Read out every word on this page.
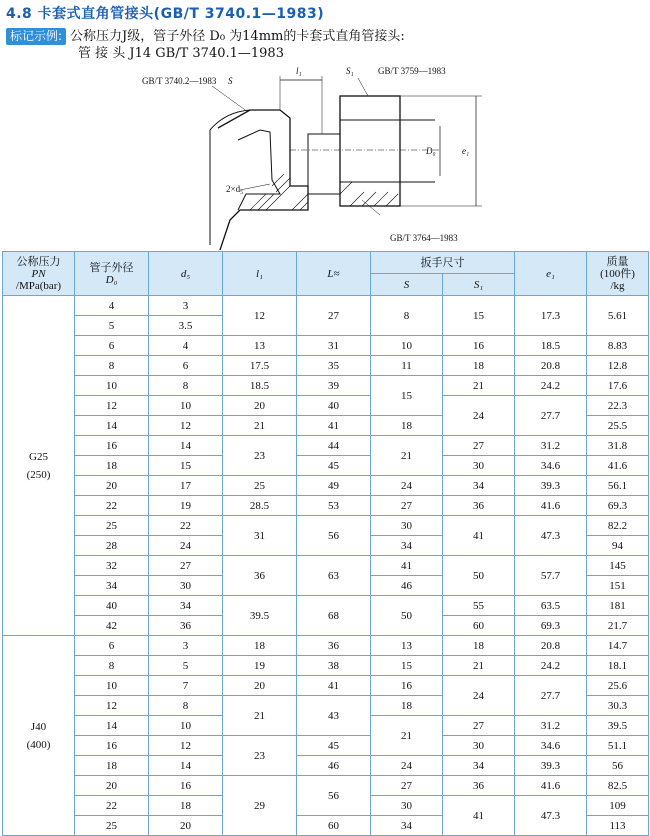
4.8 卡套式直角管接头(GB/T 3740.1—1983)
标记示例: 公称压力J级，管子外径 D₀ 为14mm的卡套式直角管接头:
管 接 头 J14 GB/T 3740.1—1983
GB/T 3740.2—1983 S
l₁	S₁	GB/T 3759—1983
D₀	e₁
2×d₅
GB/T 3764—1983
公称压力
PN
/MPa(bar)	管子外径
D₀	d₅	l₁	L≈	扳手尺寸		e₁	质量
(100件)
/kg
					S	S₁		
G25
(250)	4	3	12	27	8	15	17.3	5.61
	5	3.5						
	6	4	13	31	10	16	18.5	8.83
	8	6	17.5	35	11	18	20.8	12.8
	10	8	18.5	39	15	21	24.2	17.6
	12	10	20	40		24	27.7	22.3
	14	12	21	41	18			25.5
	16	14	23	44	21	27	31.2	31.8
	18	15		45		30	34.6	41.6
	20	17	25	49	24	34	39.3	56.1
	22	19	28.5	53	27	36	41.6	69.3
	25	22	31	56	30	41	47.3	82.2
	28	24			34			94
	32	27	36	63	41	50	57.7	145
	34	30			46			151
	40	34	39.5	68	50	55	63.5	181
	42	36				60	69.3	21.7
J40
(400)	6	3	18	36	13	18	20.8	14.7
	8	5	19	38	15	21	24.2	18.1
	10	7	20	41	16	24	27.7	25.6
	12	8	21	43	18			30.3
	14	10			21	27	31.2	39.5
	16	12	23	45		30	34.6	51.1
	18	14		46	24	34	39.3	56
	20	16	29	56	27	36	41.6	82.5
	22	18			30	41	47.3	109
	25	20		60	34			113
